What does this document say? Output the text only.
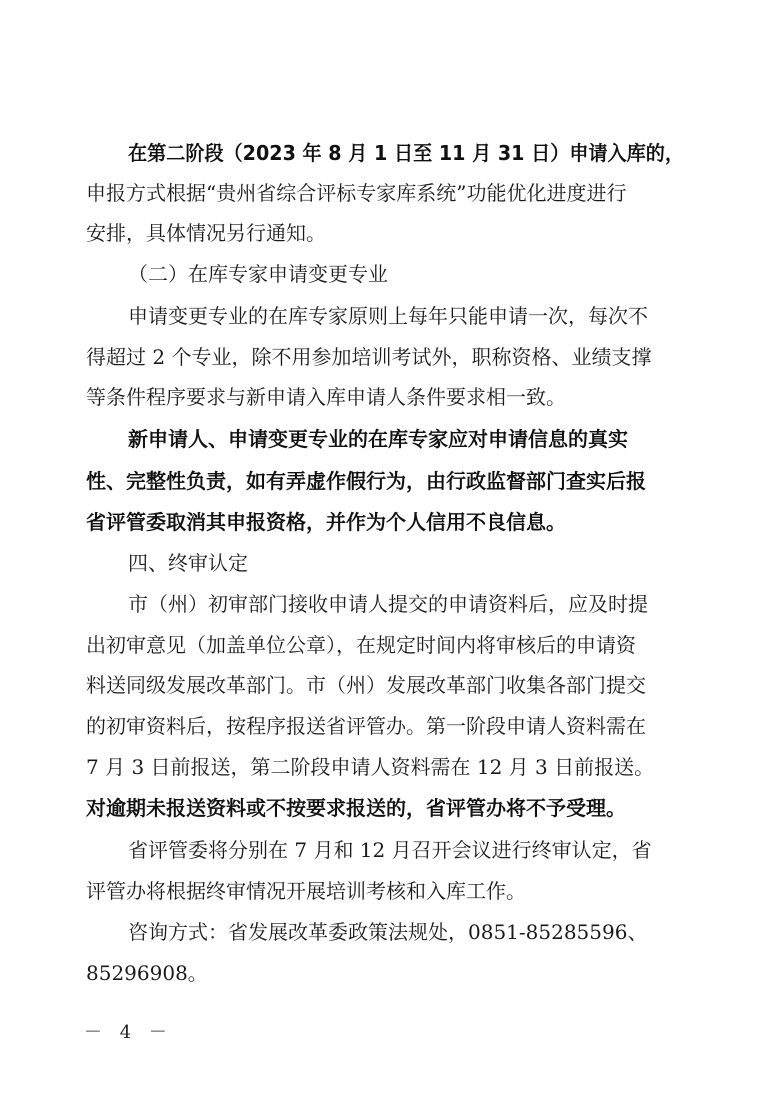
在第二阶段（2023 年 8 月 1 日至 11 月 31 日）申请入库的，
申报方式根据“贵州省综合评标专家库系统”功能优化进度进行
安排，具体情况另行通知。
（二）在库专家申请变更专业
申请变更专业的在库专家原则上每年只能申请一次，每次不
得超过 2 个专业，除不用参加培训考试外，职称资格、业绩支撑
等条件程序要求与新申请入库申请人条件要求相一致。
新申请人、申请变更专业的在库专家应对申请信息的真实
性、完整性负责，如有弄虚作假行为，由行政监督部门查实后报
省评管委取消其申报资格，并作为个人信用不良信息。
四、终审认定
市（州）初审部门接收申请人提交的申请资料后，应及时提
出初审意见（加盖单位公章），在规定时间内将审核后的申请资
料送同级发展改革部门。市（州）发展改革部门收集各部门提交
的初审资料后，按程序报送省评管办。第一阶段申请人资料需在
7 月 3 日前报送，第二阶段申请人资料需在 12 月 3 日前报送。
对逾期未报送资料或不按要求报送的，省评管办将不予受理。
省评管委将分别在 7 月和 12 月召开会议进行终审认定，省
评管办将根据终审情况开展培训考核和入库工作。
咨询方式：省发展改革委政策法规处，0851-85285596、
85296908。
－ 4 －
